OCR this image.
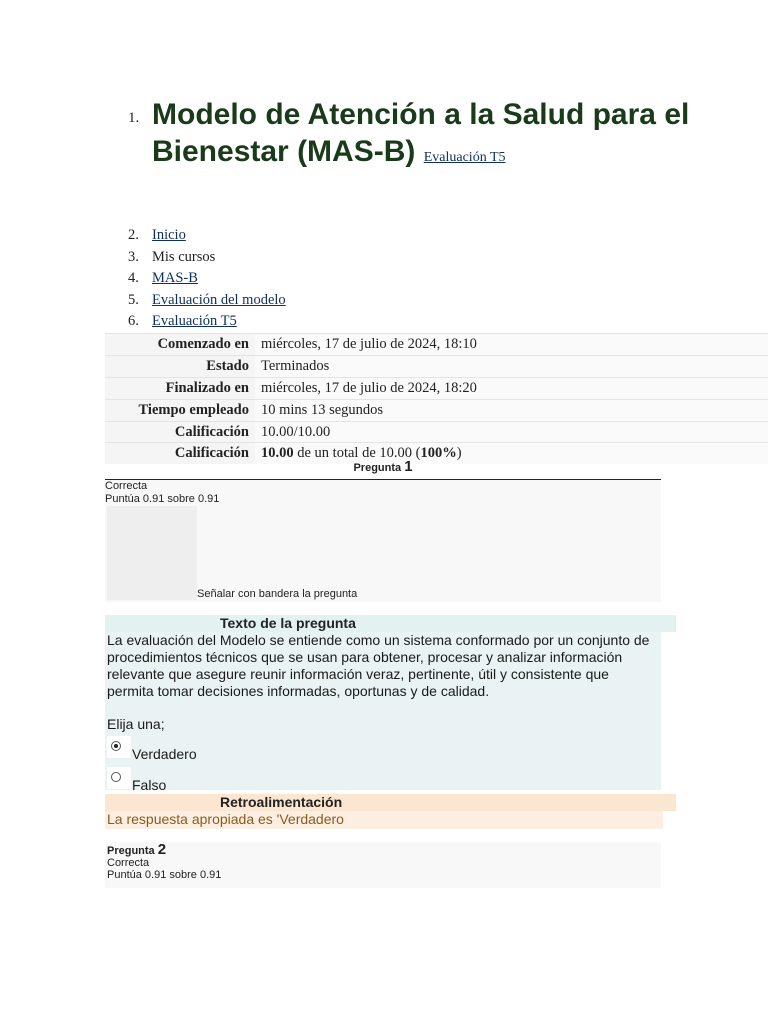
1. Modelo de Atención a la Salud para el Bienestar (MAS-B) Evaluación T5
2. Inicio
3. Mis cursos
4. MAS-B
5. Evaluación del modelo
6. Evaluación T5
Comenzado en	miércoles, 17 de julio de 2024, 18:10
Estado	Terminados
Finalizado en	miércoles, 17 de julio de 2024, 18:20
Tiempo empleado	10 mins 13 segundos
Calificación	10.00/10.00
Calificación	10.00 de un total de 10.00 (100%)
Pregunta 1
Correcta
Puntúa 0.91 sobre 0.91
Señalar con bandera la pregunta
Texto de la pregunta

La evaluación del Modelo se entiende como un sistema conformado por un conjunto de procedimientos técnicos que se usan para obtener, procesar y analizar información relevante que asegure reunir información veraz, pertinente, útil y consistente que permita tomar decisiones informadas, oportunas y de calidad.

Elija una;
Verdadero
Falso
Retroalimentación
La respuesta apropiada es 'Verdadero
Pregunta 2
Correcta
Puntúa 0.91 sobre 0.91
